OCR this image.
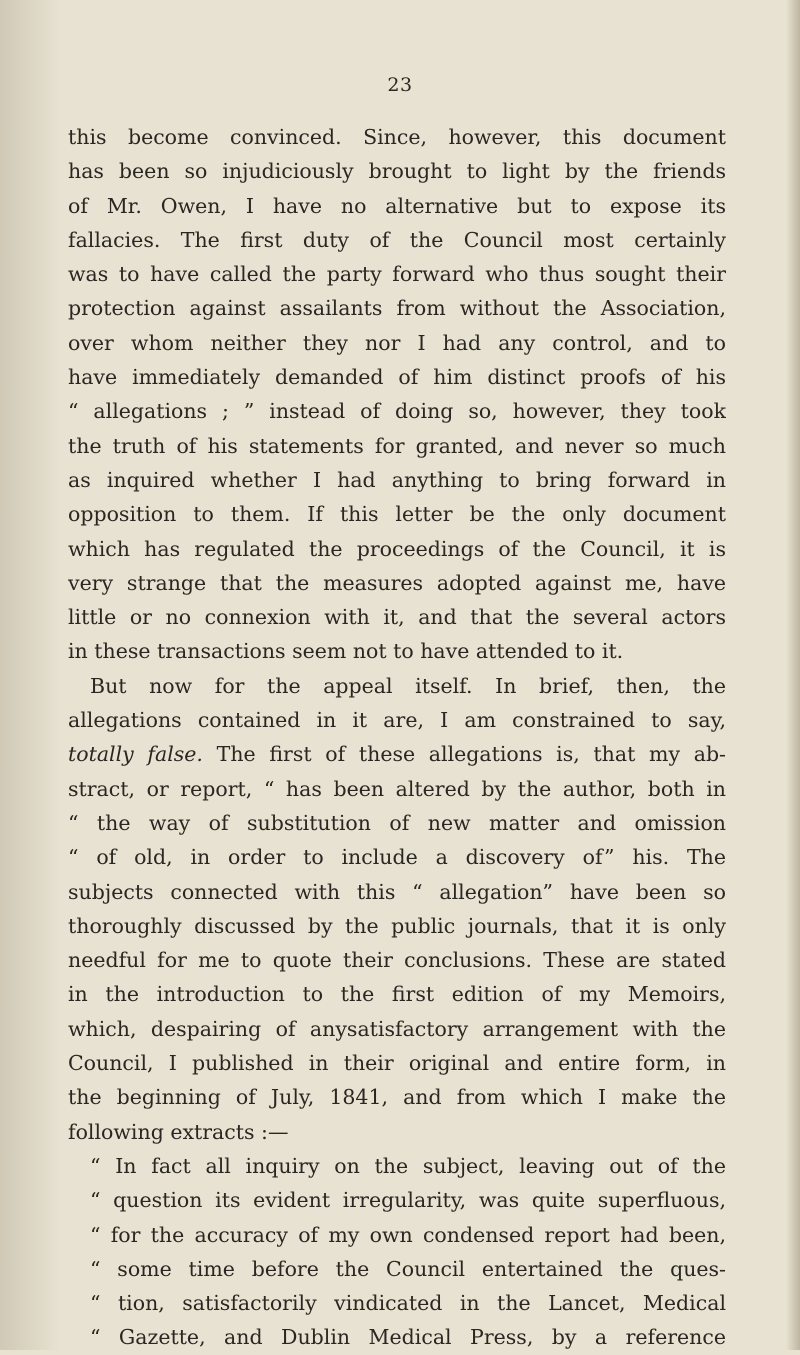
23
this become convinced. Since, however, this document
has been so injudiciously brought to light by the friends
of Mr. Owen, I have no alternative but to expose its
fallacies. The first duty of the Council most certainly
was to have called the party forward who thus sought their
protection against assailants from without the Association,
over whom neither they nor I had any control, and to
have immediately demanded of him distinct proofs of his
“ allegations ; ” instead of doing so, however, they took
the truth of his statements for granted, and never so much
as inquired whether I had anything to bring forward in
opposition to them. If this letter be the only document
which has regulated the proceedings of the Council, it is
very strange that the measures adopted against me, have
little or no connexion with it, and that the several actors
in these transactions seem not to have attended to it.
But now for the appeal itself. In brief, then, the
allegations contained in it are, I am constrained to say,
totally false. The first of these allegations is, that my ab-
stract, or report, “ has been altered by the author, both in
“ the way of substitution of new matter and omission
“ of old, in order to include a discovery of” his. The
subjects connected with this “ allegation” have been so
thoroughly discussed by the public journals, that it is only
needful for me to quote their conclusions. These are stated
in the introduction to the first edition of my Memoirs,
which, despairing of anysatisfactory arrangement with the
Council, I published in their original and entire form, in
the beginning of July, 1841, and from which I make the
following extracts :—
“ In fact all inquiry on the subject, leaving out of the
“ question its evident irregularity, was quite superfluous,
“ for the accuracy of my own condensed report had been,
“ some time before the Council entertained the ques-
“ tion, satisfactorily vindicated in the Lancet, Medical
“ Gazette, and Dublin Medical Press, by a reference
